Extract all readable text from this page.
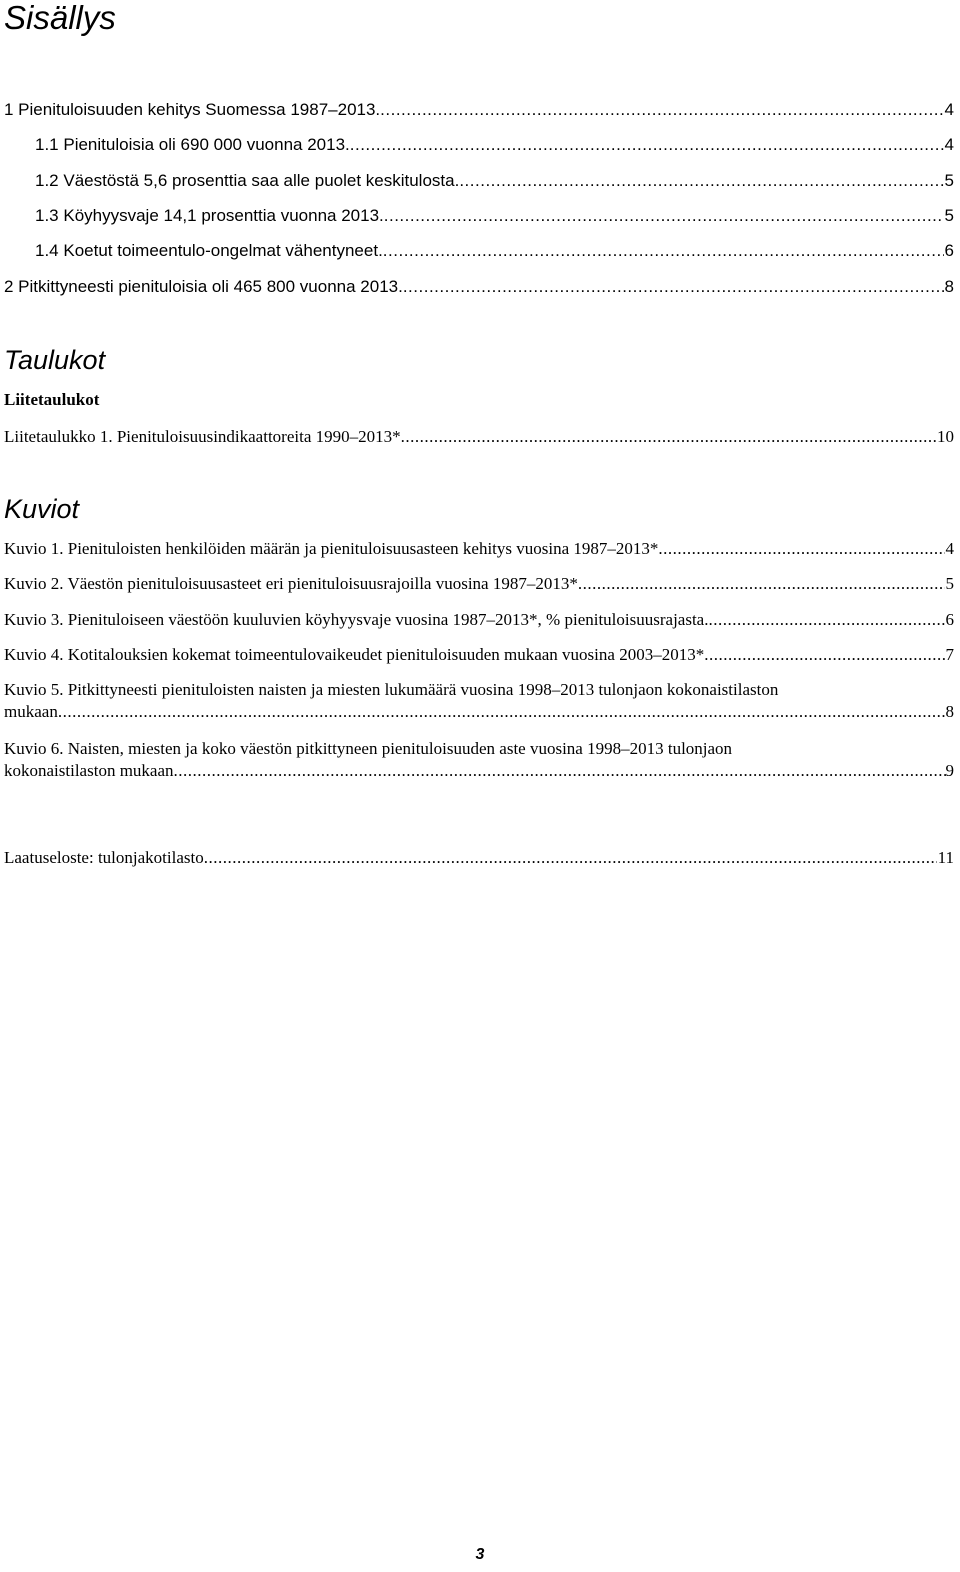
Sisällys
1 Pienituloisuuden kehitys Suomessa 1987–2013. .....	4
1.1 Pienituloisia oli 690 000 vuonna 2013. .....	4
1.2 Väestöstä 5,6 prosenttia saa alle puolet keskitulosta. .....	5
1.3 Köyhyysvaje 14,1 prosenttia vuonna 2013. .....	5
1.4 Koetut toimeentulo-ongelmat vähentyneet. .....	6
2 Pitkittyneesti pienituloisia oli 465 800 vuonna 2013. .....	8
Taulukot
Liitetaulukot
Liitetaulukko 1. Pienituloisuusindikaattoreita 1990–2013* .....	10
Kuviot
Kuvio 1. Pienituloisten henkilöiden määrän ja pienituloisuusasteen kehitys vuosina 1987–2013* .....	4
Kuvio 2. Väestön pienituloisuusasteet eri pienituloisuusrajoilla vuosina 1987–2013* .....	5
Kuvio 3. Pienituloiseen väestöön kuuluvien köyhyysvaje vuosina 1987–2013*, % pienituloisuusrajasta. .....	6
Kuvio 4. Kotitalouksien kokemat toimeentulovaikeudet pienituloisuuden mukaan vuosina 2003–2013* .....	7
Kuvio 5. Pitkittyneesti pienituloisten naisten ja miesten lukumäärä vuosina 1998–2013 tulonjaon kokonaistilaston
mukaan .....	8
Kuvio 6. Naisten, miesten ja koko väestön pitkittyneen pienituloisuuden aste vuosina 1998–2013 tulonjaon
kokonaistilaston mukaan .....	9
Laatuseloste: tulonjakotilasto .....	11
3
